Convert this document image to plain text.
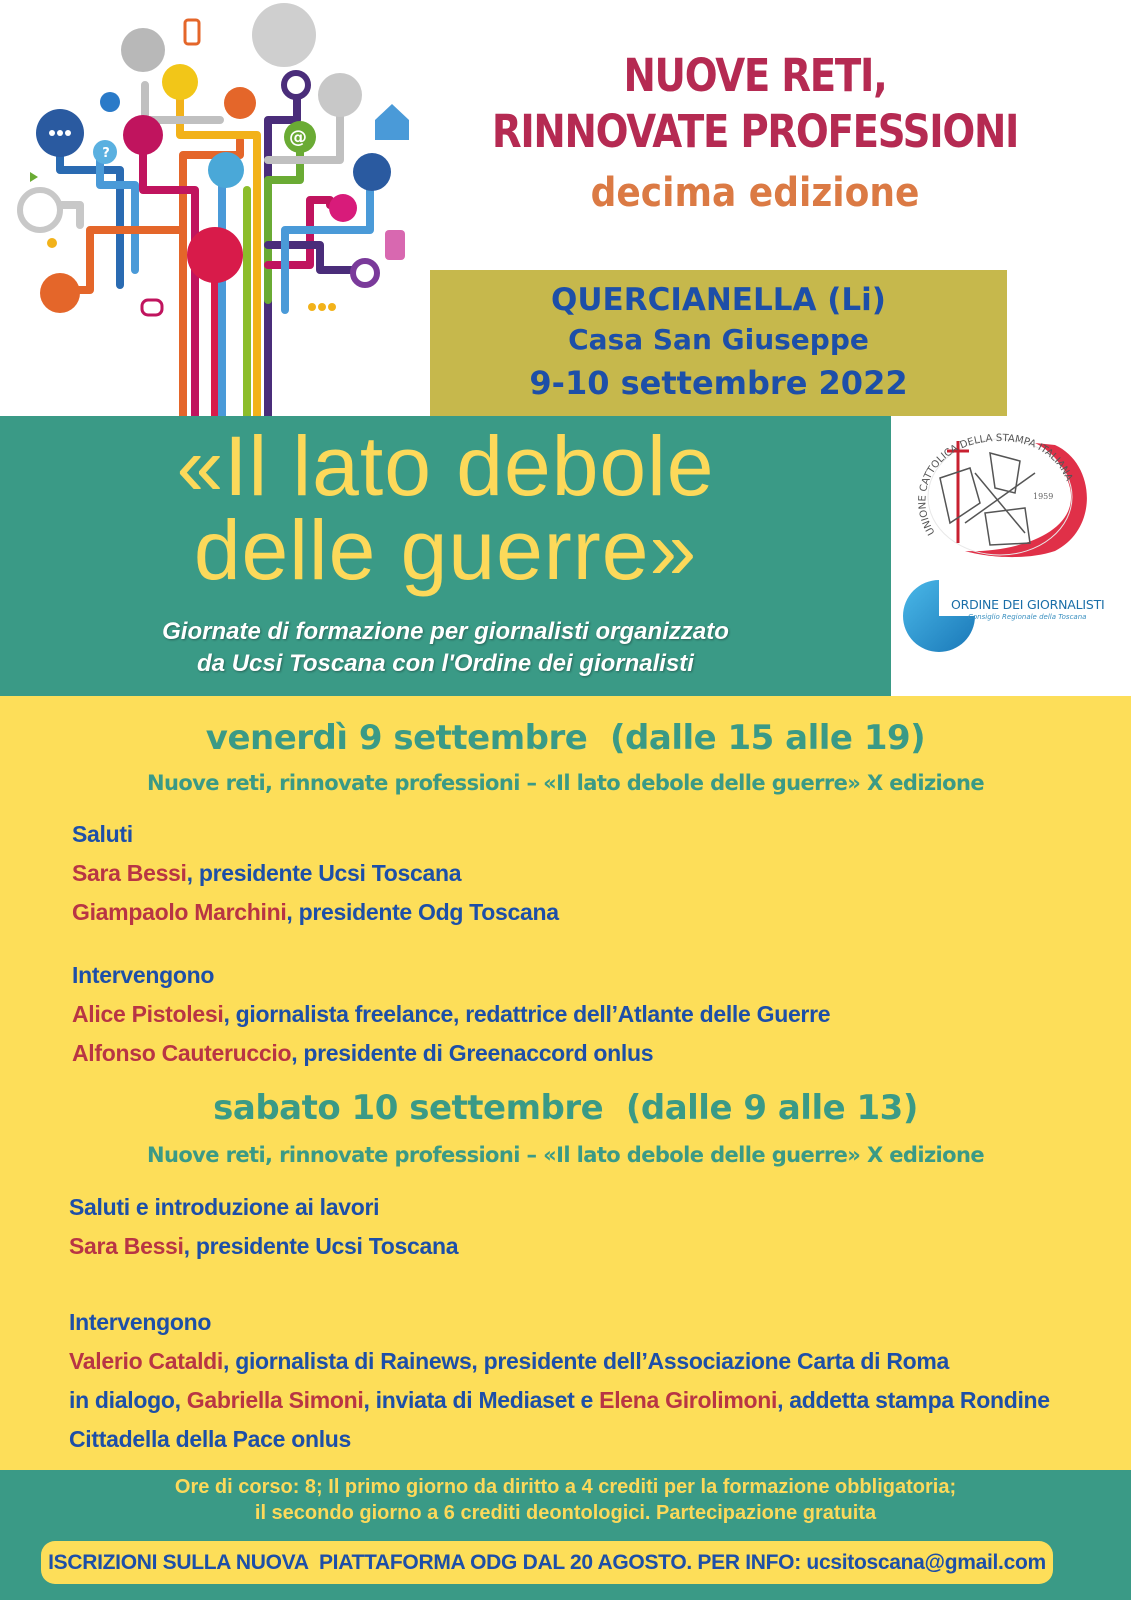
@
?
NUOVE RETI,
RINNOVATE PROFESSIONI
decima edizione
QUERCIANELLA (Li)
Casa San Giuseppe
9-10 settembre 2022
«Il lato debole
delle guerre»
Giornate di formazione per giornalisti organizzato
da Ucsi Toscana con l'Ordine dei giornalisti
1959
UNIONE CATTOLICA DELLA STAMPA ITALIANA
ORDINE DEI GIORNALISTI
Consiglio Regionale della Toscana
venerdì 9 settembre  (dalle 15 alle 19)
Nuove reti, rinnovate professioni – «Il lato debole delle guerre» X edizione
Saluti
Sara Bessi, presidente Ucsi Toscana
Giampaolo Marchini, presidente Odg Toscana
Intervengono
Alice Pistolesi, giornalista freelance, redattrice dell’Atlante delle Guerre
Alfonso Cauteruccio, presidente di Greenaccord onlus
sabato 10 settembre  (dalle 9 alle 13)
Nuove reti, rinnovate professioni – «Il lato debole delle guerre» X edizione
Saluti e introduzione ai lavori
Sara Bessi, presidente Ucsi Toscana
Intervengono
Valerio Cataldi, giornalista di Rainews, presidente dell’Associazione Carta di Roma
in dialogo, Gabriella Simoni, inviata di Mediaset e Elena Girolimoni, addetta stampa Rondine
Cittadella della Pace onlus
Ore di corso: 8; Il primo giorno da diritto a 4 crediti per la formazione obbligatoria;
il secondo giorno a 6 crediti deontologici. Partecipazione gratuita
ISCRIZIONI SULLA NUOVA  PIATTAFORMA ODG DAL 20 AGOSTO. PER INFO: ucsitoscana@gmail.com
